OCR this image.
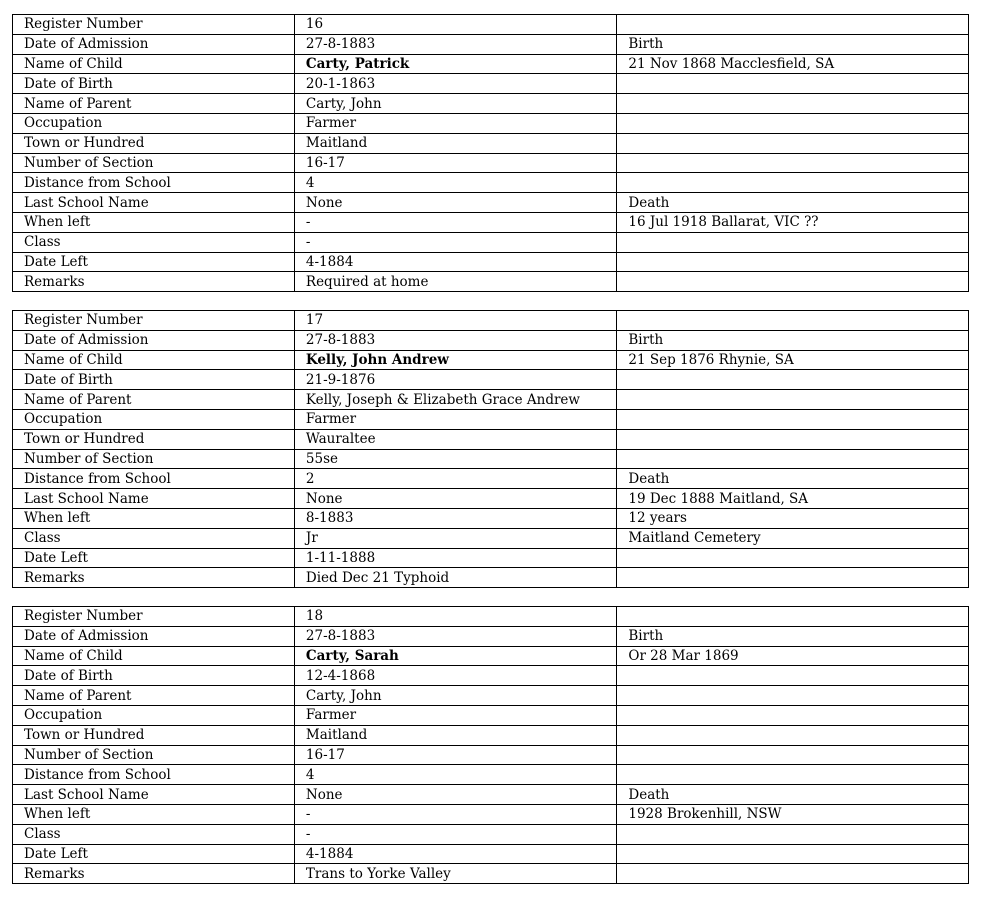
Register Number	16	
Date of Admission	27-8-1883	Birth
Name of Child	Carty, Patrick	21 Nov 1868 Macclesfield, SA
Date of Birth	20-1-1863	
Name of Parent	Carty, John	
Occupation	Farmer	
Town or Hundred	Maitland	
Number of Section	16-17	
Distance from School	4	
Last School Name	None	Death
When left	-	16 Jul 1918 Ballarat, VIC ??
Class	-	
Date Left	4-1884	
Remarks	Required at home	
Register Number	17	
Date of Admission	27-8-1883	Birth
Name of Child	Kelly, John Andrew	21 Sep 1876 Rhynie, SA
Date of Birth	21-9-1876	
Name of Parent	Kelly, Joseph & Elizabeth Grace Andrew	
Occupation	Farmer	
Town or Hundred	Wauraltee	
Number of Section	55se	
Distance from School	2	Death
Last School Name	None	19 Dec 1888 Maitland, SA
When left	8-1883	12 years
Class	Jr	Maitland Cemetery
Date Left	1-11-1888	
Remarks	Died Dec 21 Typhoid	
Register Number	18	
Date of Admission	27-8-1883	Birth
Name of Child	Carty, Sarah	Or 28 Mar 1869
Date of Birth	12-4-1868	
Name of Parent	Carty, John	
Occupation	Farmer	
Town or Hundred	Maitland	
Number of Section	16-17	
Distance from School	4	
Last School Name	None	Death
When left	-	1928 Brokenhill, NSW
Class	-	
Date Left	4-1884	
Remarks	Trans to Yorke Valley	
